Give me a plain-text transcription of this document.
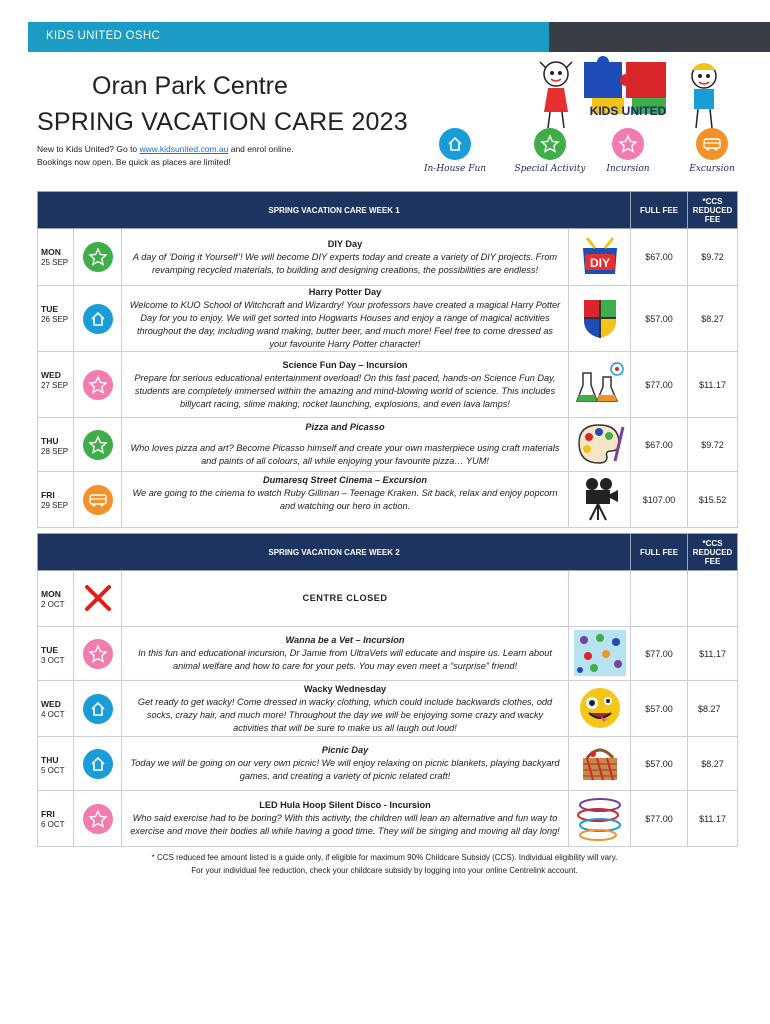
KIDS UNITED OSHC
Oran Park Centre
SPRING VACATION CARE 2023
New to Kids United? Go to www.kidsunited.com.au and enrol online.
Bookings now open. Be quick as places are limited!
KIDS UNITED
In-House Fun	Special Activity	Incursion	Excursion
SPRING VACATION CARE WEEK 1				FULL FEE	*CCS
REDUCED
FEE	

MON
25 SEP		DIY Day
A day of ‘Doing it Yourself’! We will become DIY experts today and create a variety of DIY projects. From revamping recycled materials, to building and designing creations, the possibilities are endless!	DIY	$67.00	$9.72	

TUE
26 SEP		Harry Potter Day
Welcome to KUO School of Witchcraft and Wizardry! Your professors have created a magical Harry Potter Day for you to enjoy. We will get sorted into Hogwarts Houses and enjoy a range of magical activities throughout the day, including wand making, butter beer, and much more! Feel free to come dressed as your favourite Harry Potter character!		$57.00	$8.27	

WED
27 SEP		Science Fun Day – Incursion
Prepare for serious educational entertainment overload! On this fast paced, hands-on Science Fun Day, students are completely immersed within the amazing and mind-blowing world of science. This includes billycart racing, slime making, rocket launching, explosions, and even lava lamps!		$77.00	$11.17	

THU
28 SEP		Pizza and Picasso
Who loves pizza and art? Become Picasso himself and create your own masterpiece using craft materials and paints of all colours, all while enjoying your favourite pizza… YUM!		$67.00	$9.72	

FRI
29 SEP		Dumaresq Street Cinema – Excursion
We are going to the cinema to watch Ruby Gillman – Teenage Kraken. Sit back, relax and enjoy popcorn and watching our hero in action.		$107.00	$15.52	
SPRING VACATION CARE WEEK 2				FULL FEE	*CCS
REDUCED
FEE	

MON
2 OCT		CENTRE CLOSED				

TUE
3 OCT		Wanna be a Vet – Incursion
In this fun and educational incursion, Dr Jamie from UltraVets will educate and inspire us. Learn about animal welfare and how to care for your pets. You may even meet a “surprise” friend!		$77.00	$11.17	

WED
4 OCT		Wacky Wednesday
Get ready to get wacky! Come dressed in wacky clothing, which could include backwards clothes, odd socks, crazy hair, and much more! Throughout the day we will be enjoying some crazy and wacky activities that will be sure to make us all laugh out loud!		$57.00	$8.27	

THU
5 OCT		Picnic Day
Today we will be going on our very own picnic! We will enjoy relaxing on picnic blankets, playing backyard games, and creating a variety of picnic related craft!		$57.00	$8.27	

FRI
6 OCT		LED Hula Hoop Silent Disco - Incursion
Who said exercise had to be boring? With this activity, the children will lean an alternative and fun way to exercise and move their bodies all while having a good time. They will be singing and moving all day long!		$77.00	$11.17	
* CCS reduced fee amount listed is a guide only, if eligible for maximum 90% Childcare Subsidy (CCS). Individual eligibility will vary.
For your individual fee reduction, check your childcare subsidy by logging into your online Centrelink account.
